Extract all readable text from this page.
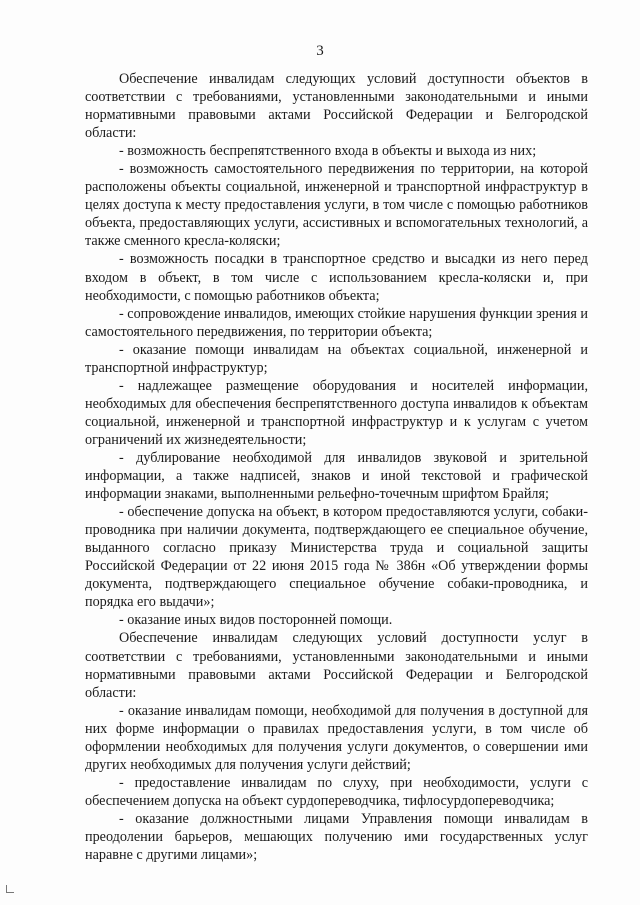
3

Обеспечение инвалидам следующих условий доступности объектов в соответствии с требованиями, установленными законодательными и иными нормативными правовыми актами Российской Федерации и Белгородской области:

- возможность беспрепятственного входа в объекты и выхода из них;

- возможность самостоятельного передвижения по территории, на которой расположены объекты социальной, инженерной и транспортной инфраструктур в целях доступа к месту предоставления услуги, в том числе с помощью работников объекта, предоставляющих услуги, ассистивных и вспомогательных технологий, а также сменного кресла-коляски;

- возможность посадки в транспортное средство и высадки из него перед входом в объект, в том числе с использованием кресла-коляски и, при необходимости, с помощью работников объекта;

- сопровождение инвалидов, имеющих стойкие нарушения функции зрения и самостоятельного передвижения, по территории объекта;

- оказание помощи инвалидам на объектах социальной, инженерной и транспортной инфраструктур;

- надлежащее размещение оборудования и носителей информации, необходимых для обеспечения беспрепятственного доступа инвалидов к объектам социальной, инженерной и транспортной инфраструктур и к услугам с учетом ограничений их жизнедеятельности;

- дублирование необходимой для инвалидов звуковой и зрительной информации, а также надписей, знаков и иной текстовой и графической информации знаками, выполненными рельефно-точечным шрифтом Брайля;

- обеспечение допуска на объект, в котором предоставляются услуги, собаки-проводника при наличии документа, подтверждающего ее специальное обучение, выданного согласно приказу Министерства труда и социальной защиты Российской Федерации от 22 июня 2015 года № 386н «Об утверждении формы документа, подтверждающего специальное обучение собаки-проводника, и порядка его выдачи»;

- оказание иных видов посторонней помощи.

Обеспечение инвалидам следующих условий доступности услуг в соответствии с требованиями, установленными законодательными и иными нормативными правовыми актами Российской Федерации и Белгородской области:

- оказание инвалидам помощи, необходимой для получения в доступной для них форме информации о правилах предоставления услуги, в том числе об оформлении необходимых для получения услуги документов, о совершении ими других необходимых для получения услуги действий;

- предоставление инвалидам по слуху, при необходимости, услуги с обеспечением допуска на объект сурдопереводчика, тифлосурдопереводчика;

- оказание должностными лицами Управления помощи инвалидам в преодолении барьеров, мешающих получению ими государственных услуг наравне с другими лицами»;
